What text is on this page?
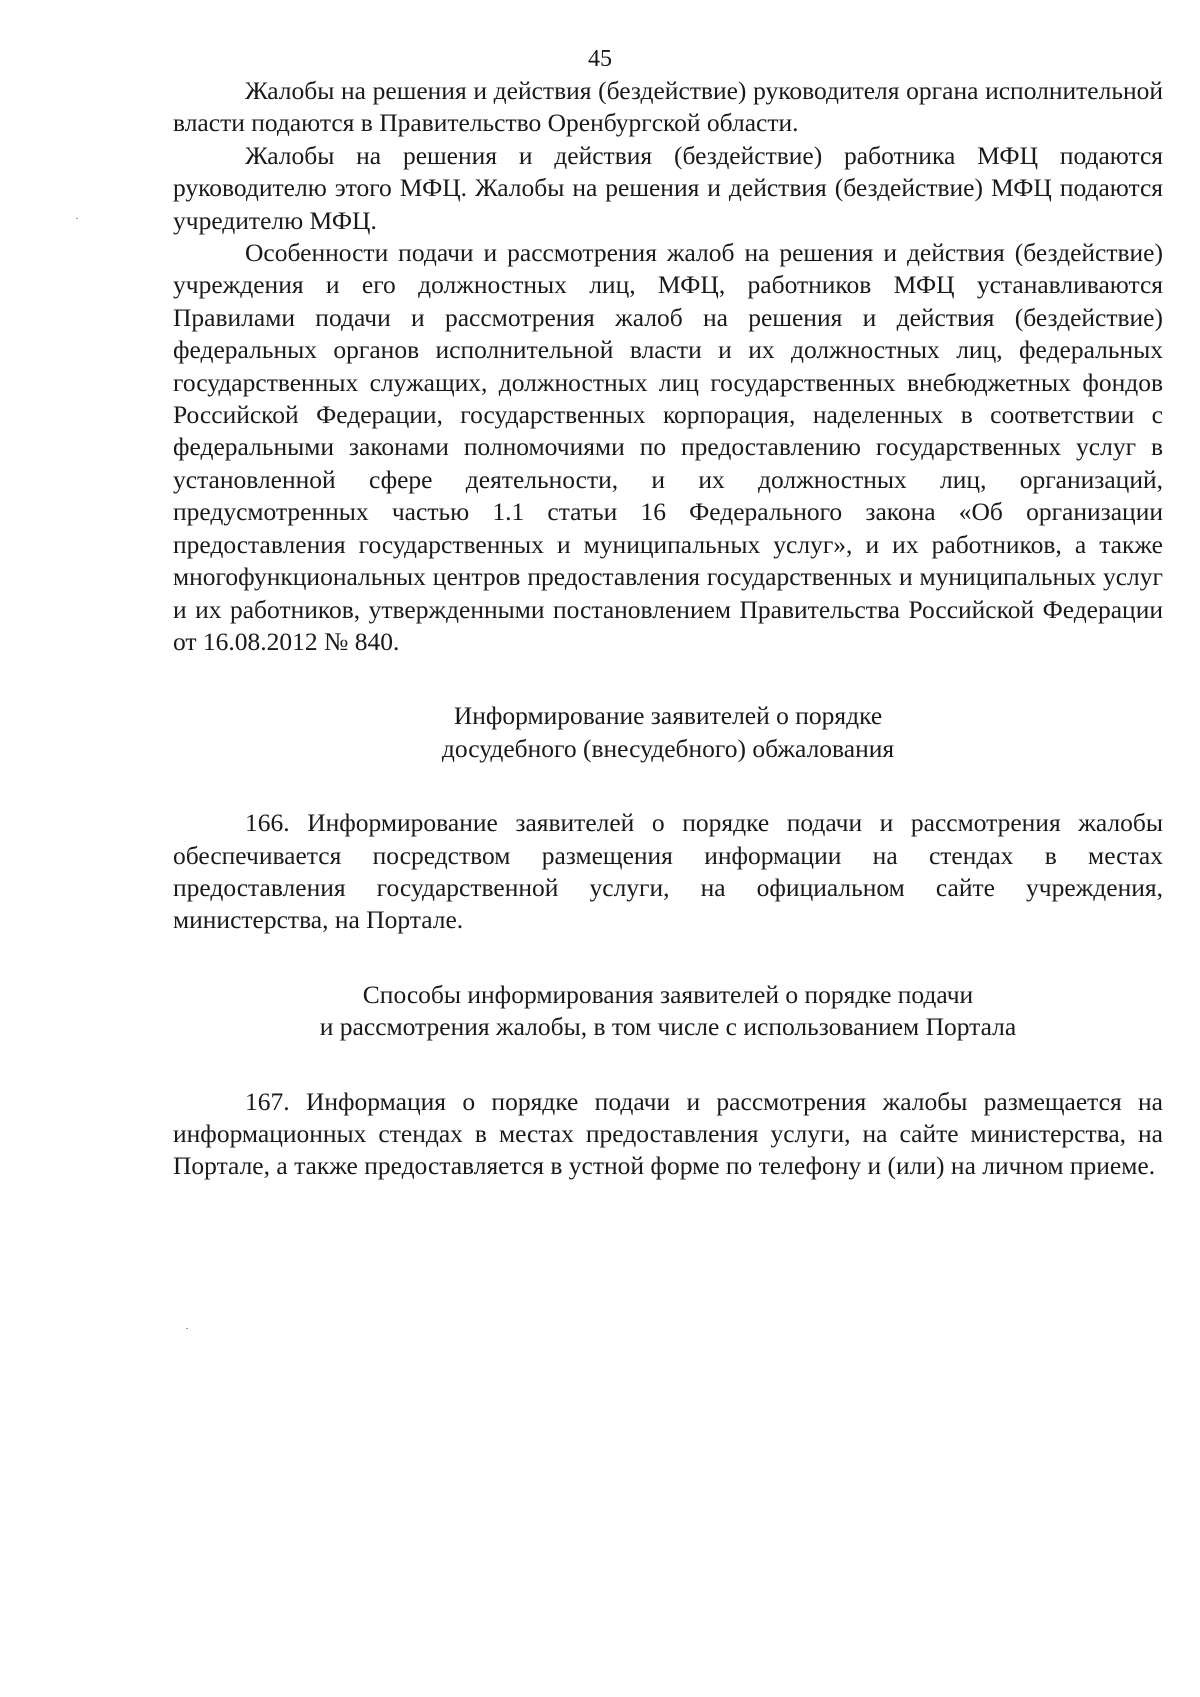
45

Жалобы на решения и действия (бездействие) руководителя органа исполнительной власти подаются в Правительство Оренбургской области.

Жалобы на решения и действия (бездействие) работника МФЦ подаются руководителю этого МФЦ. Жалобы на решения и действия (бездействие) МФЦ подаются учредителю МФЦ.

Особенности подачи и рассмотрения жалоб на решения и действия (бездействие) учреждения и его должностных лиц, МФЦ, работников МФЦ устанавливаются Правилами подачи и рассмотрения жалоб на решения и действия (бездействие) федеральных органов исполнительной власти и их должностных лиц, федеральных государственных служащих, должностных лиц государственных внебюджетных фондов Российской Федерации, государственных корпорация, наделенных в соответствии с федеральными законами полномочиями по предоставлению государственных услуг в установленной сфере деятельности, и их должностных лиц, организаций, предусмотренных частью 1.1 статьи 16 Федерального закона «Об организации предоставления государственных и муниципальных услуг», и их работников, а также многофункциональных центров предоставления государственных и муниципальных услуг и их работников, утвержденными постановлением Правительства Российской Федерации от 16.08.2012 № 840.

Информирование заявителей о порядке

досудебного (внесудебного) обжалования

166. Информирование заявителей о порядке подачи и рассмотрения жалобы обеспечивается посредством размещения информации на стендах в местах предоставления государственной услуги, на официальном сайте учреждения, министерства, на Портале.

Способы информирования заявителей о порядке подачи

и рассмотрения жалобы, в том числе с использованием Портала

167. Информация о порядке подачи и рассмотрения жалобы размещается на информационных стендах в местах предоставления услуги, на сайте министерства, на Портале, а также предоставляется в устной форме по телефону и (или) на личном приеме.
